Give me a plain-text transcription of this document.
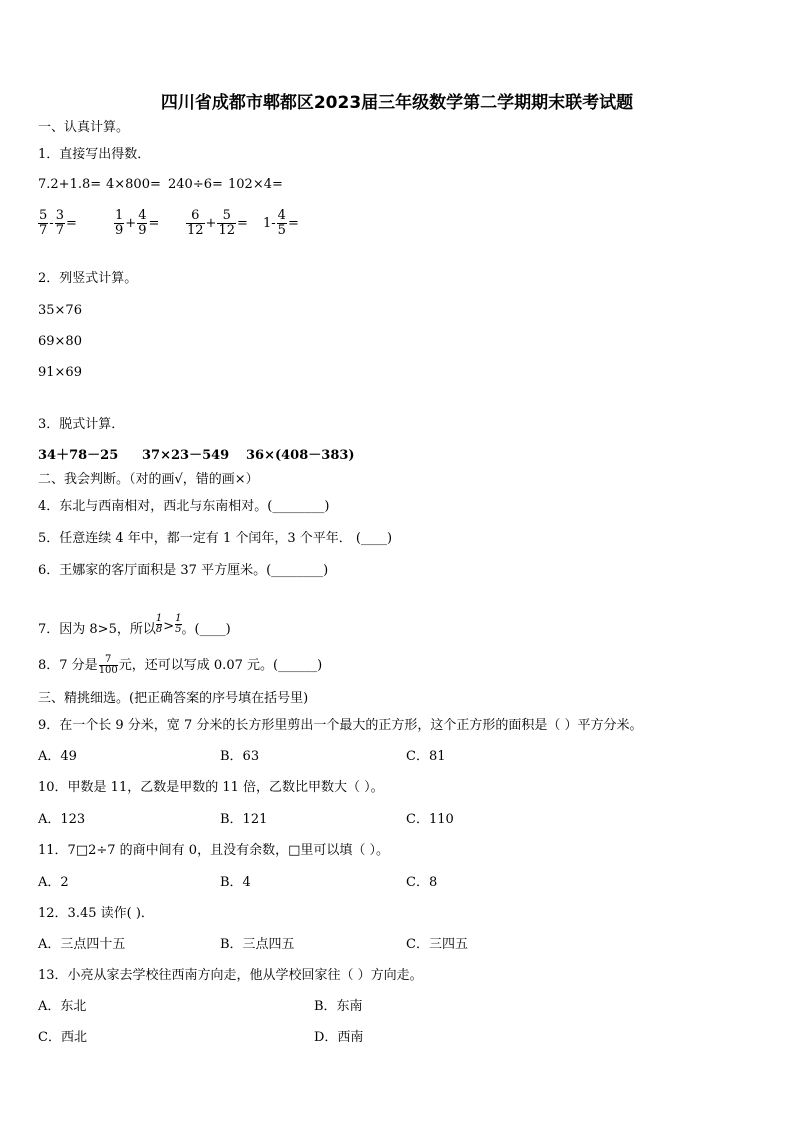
四川省成都市郫都区2023届三年级数学第二学期期末联考试题
一、认真计算。
1．直接写出得数．
7.2+1.8= 4×800= 240÷6= 102×4=
$\frac{5}{7} - \frac{3}{7}$ =	$\frac{1}{9} + \frac{4}{9} = \frac{6}{12} + \frac{5}{12} = 1- \frac{4}{5}$ =
2．列竖式计算。
35×76
69×80
91×69
3．脱式计算．
34＋78－25 37×23－549 36×(408－383)
二、我会判断。（对的画√，错的画×）
4．东北与西南相对，西北与东南相对。(________)
5．任意连续 4 年中，都一定有 1 个闰年，3 个平年． (____)
6．王娜家的客厅面积是 37 平方厘米。(________)
7．因为 8>5，所以 $\frac{1}{8} > \frac{1}{5}$ 。(____)
8．7 分是 $\frac{7}{100}$ 元，还可以写成 0.07 元。(______)
三、精挑细选。(把正确答案的序号填在括号里)
9．在一个长 9 分米，宽 7 分米的长方形里剪出一个最大的正方形，这个正方形的面积是（ ）平方分米。
A．49	B．63	C．81
10．甲数是 11，乙数是甲数的 11 倍，乙数比甲数大（ ）。
A．123	B．121	C．110
11．7□2÷7 的商中间有 0，且没有余数，□里可以填（ ）。
A．2	B．4	C．8
12．3.45 读作( )．
A．三点四十五	B．三点四五	C．三四五
13．小亮从家去学校往西南方向走，他从学校回家往（ ）方向走。
A．东北	B．东南
C．西北	D．西南
